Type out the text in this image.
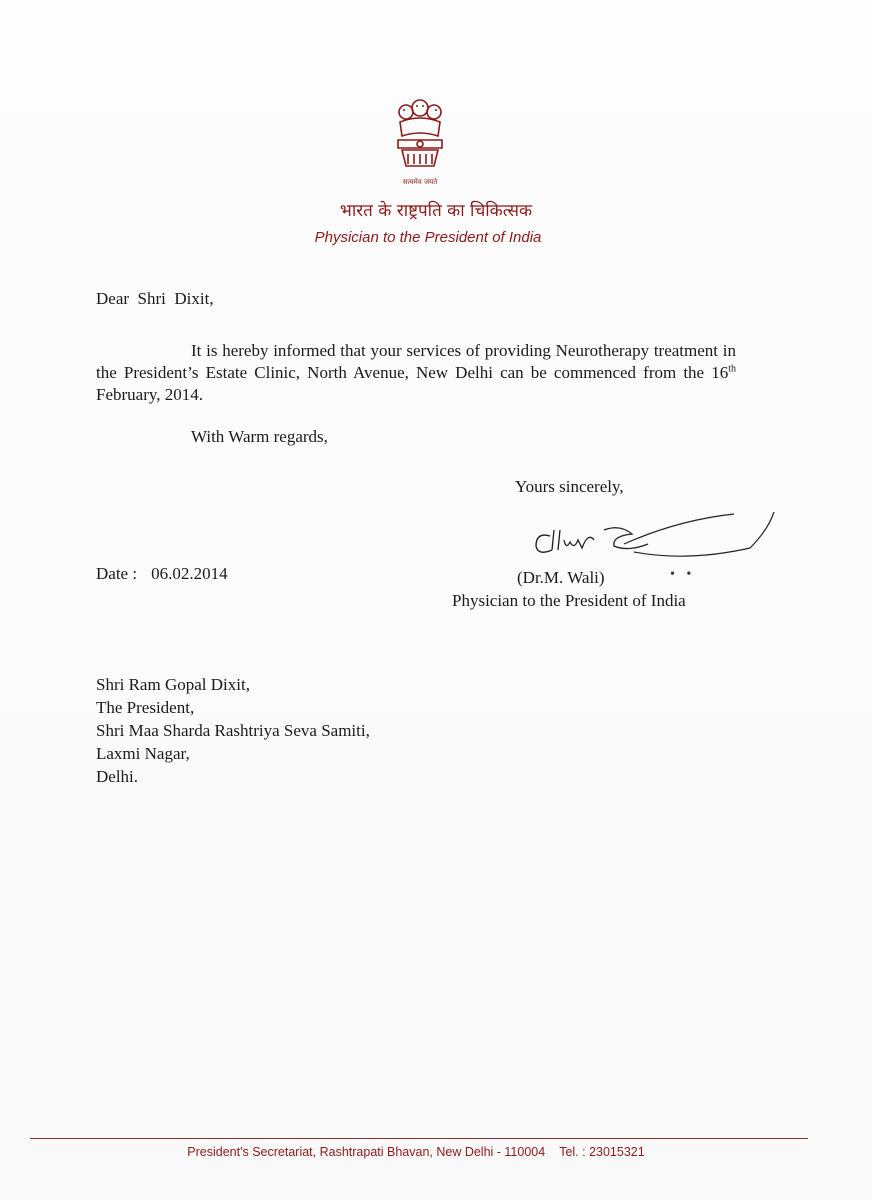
सत्यमेव जयते
भारत के राष्ट्रपति का चिकित्सक
Physician to the President of India
Dear  Shri  Dixit,
It is hereby informed that your services of providing Neurotherapy treatment in the President’s Estate Clinic, North Avenue, New Delhi can be commenced from the 16th February, 2014.
With Warm regards,
Yours sincerely,
Date : 06.02.2014	(Dr.M. Wali)	• •
Physician to the President of India
Shri Ram Gopal Dixit,
The President,
Shri Maa Sharda Rashtriya Seva Samiti,
Laxmi Nagar,
Delhi.
President's Secretariat, Rashtrapati Bhavan, New Delhi - 110004 Tel. : 23015321
